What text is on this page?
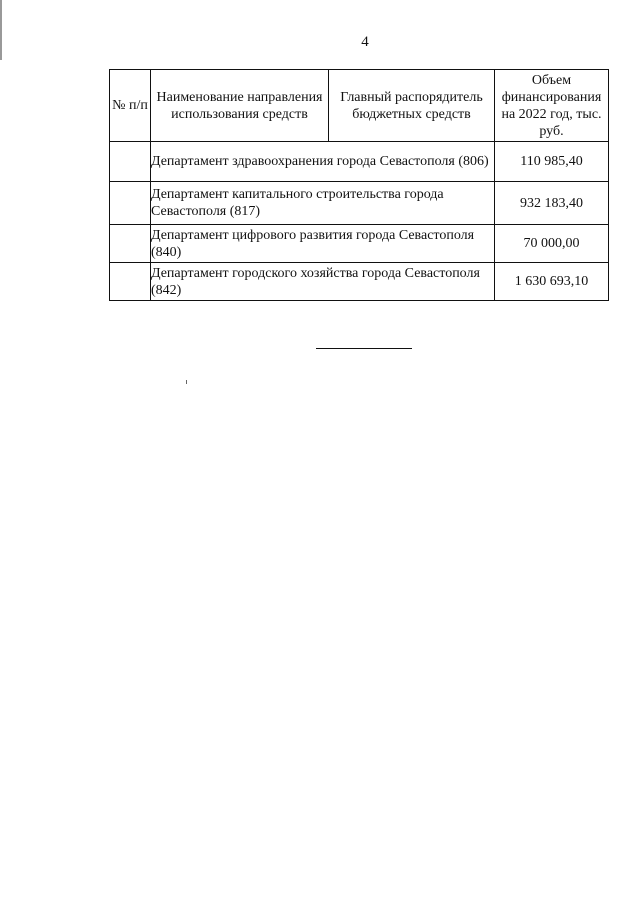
4
№ п/п	Наименование направления использования средств	Главный распорядитель бюджетных средств	Объем финансирования на 2022 год, тыс. руб.
	Департамент здравоохранения города Севастополя (806)		110 985,40
	Департамент капитального строительства города Севастополя (817)		932 183,40
	Департамент цифрового развития города Севастополя (840)		70 000,00
	Департамент городского хозяйства города Севастополя (842)		1 630 693,10
